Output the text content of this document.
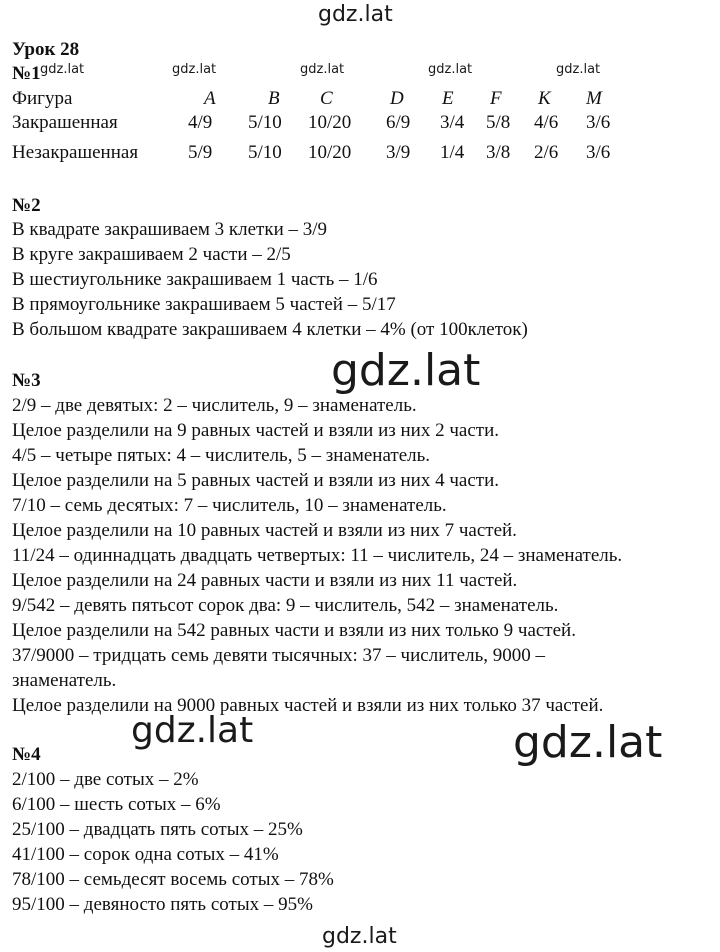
gdz.lat
gdz.lat	gdz.lat	gdz.lat	gdz.lat	gdz.lat
gdz.lat
gdz.lat	gdz.lat
gdz.lat
Урок 28
№1
Фигура	A	B C	D E F K M
Закрашенная	4/9 5/10 10/20 6/9 3/4 5/8 4/6 3/6
Незакрашенная	5/9 5/10 10/20 3/9 1/4 3/8 2/6 3/6
№2
В квадрате закрашиваем 3 клетки – 3/9
В круге закрашиваем 2 части – 2/5
В шестиугольнике закрашиваем 1 часть – 1/6
В прямоугольнике закрашиваем 5 частей – 5/17
В большом квадрате закрашиваем 4 клетки – 4% (от 100клеток)
№3
2/9 – две девятых: 2 – числитель, 9 – знаменатель.
Целое разделили на 9 равных частей и взяли из них 2 части.
4/5 – четыре пятых: 4 – числитель, 5 – знаменатель.
Целое разделили на 5 равных частей и взяли из них 4 части.
7/10 – семь десятых: 7 – числитель, 10 – знаменатель.
Целое разделили на 10 равных частей и взяли из них 7 частей.
11/24 – одиннадцать двадцать четвертых: 11 – числитель, 24 – знаменатель.
Целое разделили на 24 равных части и взяли из них 11 частей.
9/542 – девять пятьсот сорок два: 9 – числитель, 542 – знаменатель.
Целое разделили на 542 равных части и взяли из них только 9 частей.
37/9000 – тридцать семь девяти тысячных: 37 – числитель, 9000 –
знаменатель.
Целое разделили на 9000 равных частей и взяли из них только 37 частей.
№4
2/100 – две сотых – 2%
6/100 – шесть сотых – 6%
25/100 – двадцать пять сотых – 25%
41/100 – сорок одна сотых – 41%
78/100 – семьдесят восемь сотых – 78%
95/100 – девяносто пять сотых – 95%
